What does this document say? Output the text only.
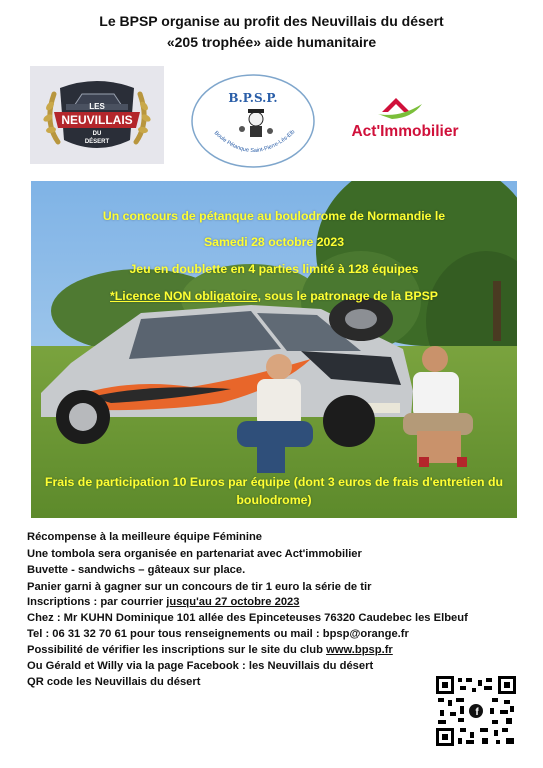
Le BPSP organise au profit des Neuvillais du désert
«205 trophée» aide humanitaire
LES
NEUVILLAIS
DU
DÉSERT
B.P.S.P.
Boule Pétanque Saint-Pierre-Lès-Elb	Act'Immobilier
Un concours de pétanque au boulodrome de Normandie le
Samedi 28 octobre 2023
Jeu en doublette en 4 parties limité à 128 équipes
*Licence NON obligatoire, sous le patronage de la BPSP
Frais de participation 10 Euros par équipe (dont 3 euros de frais d'entretien du
boulodrome)
Récompense à la meilleure équipe Féminine
Une tombola sera organisée en partenariat avec Act'immobilier
Buvette - sandwichs – gâteaux sur place.
Panier garni à gagner sur un concours de tir 1 euro la série de tir
Inscriptions : par courrier jusqu'au 27 octobre 2023
Chez : Mr KUHN Dominique 101 allée des Epinceteuses 76320 Caudebec les Elbeuf
Tel : 06 31 32 70 61 pour tous renseignements ou mail : bpsp@orange.fr
Possibilité de vérifier les inscriptions sur le site du club www.bpsp.fr
Ou Gérald et Willy via la page Facebook : les Neuvillais du désert
QR code les Neuvillais du désert
f
